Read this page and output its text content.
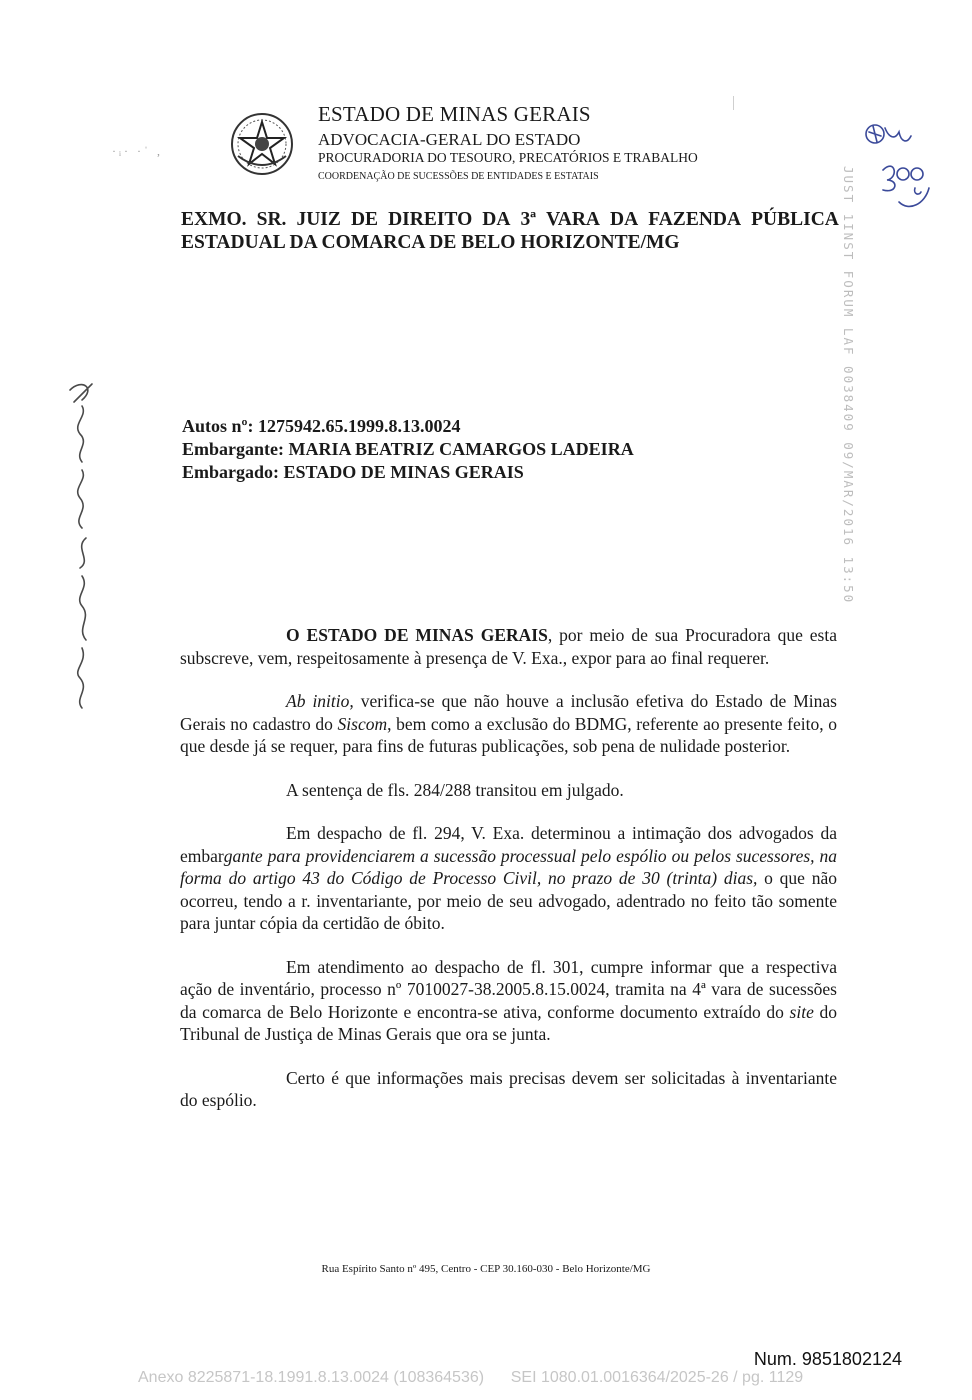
·ᵢ· ·ˈ ,
ESTADO DE MINAS GERAIS
ADVOCACIA-GERAL DO ESTADO
PROCURADORIA DO TESOURO, PRECATÓRIOS E TRABALHO
COORDENAÇÃO DE SUCESSÕES DE ENTIDADES E ESTATAIS
EXMO. SR. JUIZ DE DIREITO DA 3ª VARA DA FAZENDA PÚBLICA
ESTADUAL DA COMARCA DE BELO HORIZONTE/MG
Autos nº: 1275942.65.1999.8.13.0024
Embargante: MARIA BEATRIZ CAMARGOS LADEIRA
Embargado: ESTADO DE MINAS GERAIS

O ESTADO DE MINAS GERAIS, por meio de sua Procuradora que esta subscreve, vem, respeitosamente à presença de V. Exa., expor para ao final requerer.

Ab initio, verifica-se que não houve a inclusão efetiva do Estado de Minas Gerais no cadastro do Siscom, bem como a exclusão do BDMG, referente ao presente feito, o que desde já se requer, para fins de futuras publicações, sob pena de nulidade posterior.

A sentença de fls. 284/288 transitou em julgado.

Em despacho de fl. 294, V. Exa. determinou a intimação dos advogados da embargante para providenciarem a sucessão processual pelo espólio ou pelos sucessores, na forma do artigo 43 do Código de Processo Civil, no prazo de 30 (trinta) dias, o que não ocorreu, tendo a r. inventariante, por meio de seu advogado, adentrado no feito tão somente para juntar cópia da certidão de óbito.

Em atendimento ao despacho de fl. 301, cumpre informar que a respectiva ação de inventário, processo nº 7010027-38.2005.8.15.0024, tramita na 4ª vara de sucessões da comarca de Belo Horizonte e encontra-se ativa, conforme documento extraído do site do Tribunal de Justiça de Minas Gerais que ora se junta.

Certo é que informações mais precisas devem ser solicitadas à inventariante do espólio.

JUST 1INST FORUM LAF 0038409 09/MAR/2016 13:50
Rua Espírito Santo nº 495, Centro - CEP 30.160-030 - Belo Horizonte/MG
Num. 9851802124
Anexo 8225871-18.1991.8.13.0024 (108364536)      SEI 1080.01.0016364/2025-26 / pg. 1129
